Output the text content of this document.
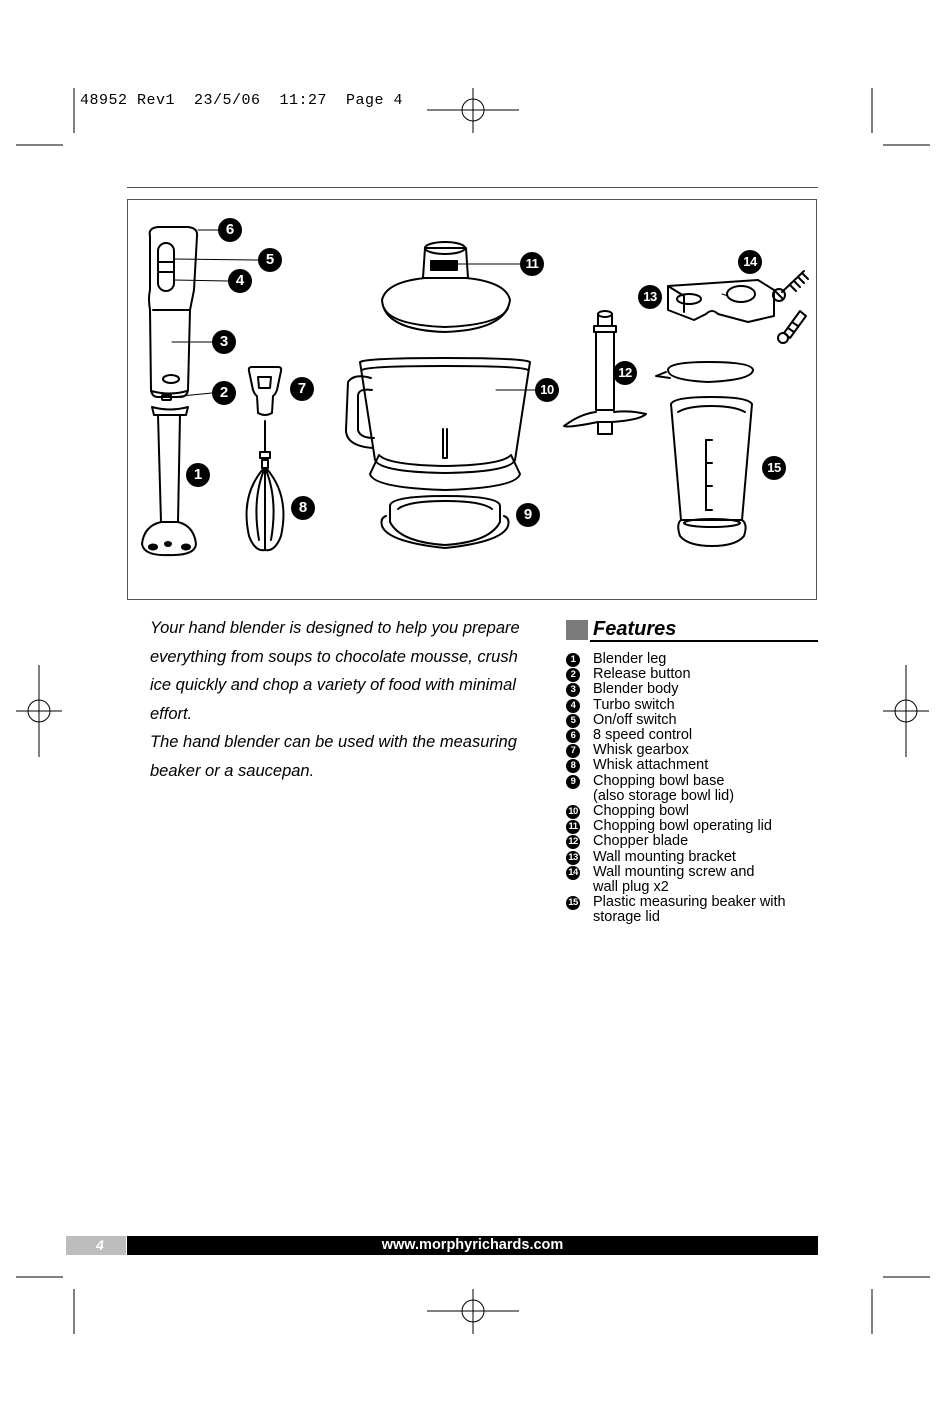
48952 Rev1  23/5/06  11:27  Page 4
6
5
4
3
2	7
1
8
11
10
9
14
13
12
15

Your hand blender is designed to help you prepare everything from soups to chocolate mousse, crush ice quickly and chop a variety of food with minimal effort.

The hand blender can be used with the measuring beaker or a saucepan.

Features
1	Blender leg
2	Release button
3	Blender body
4	Turbo switch
5	On/off switch
6	8 speed control
7	Whisk gearbox
8	Whisk attachment
9	Chopping bowl base
(also storage bowl lid)
10 Chopping bowl
11 Chopping bowl operating lid
12 Chopper blade
13 Wall mounting bracket
14 Wall mounting screw and
wall plug x2
15 Plastic measuring beaker with
storage lid
4	www.morphyrichards.com
